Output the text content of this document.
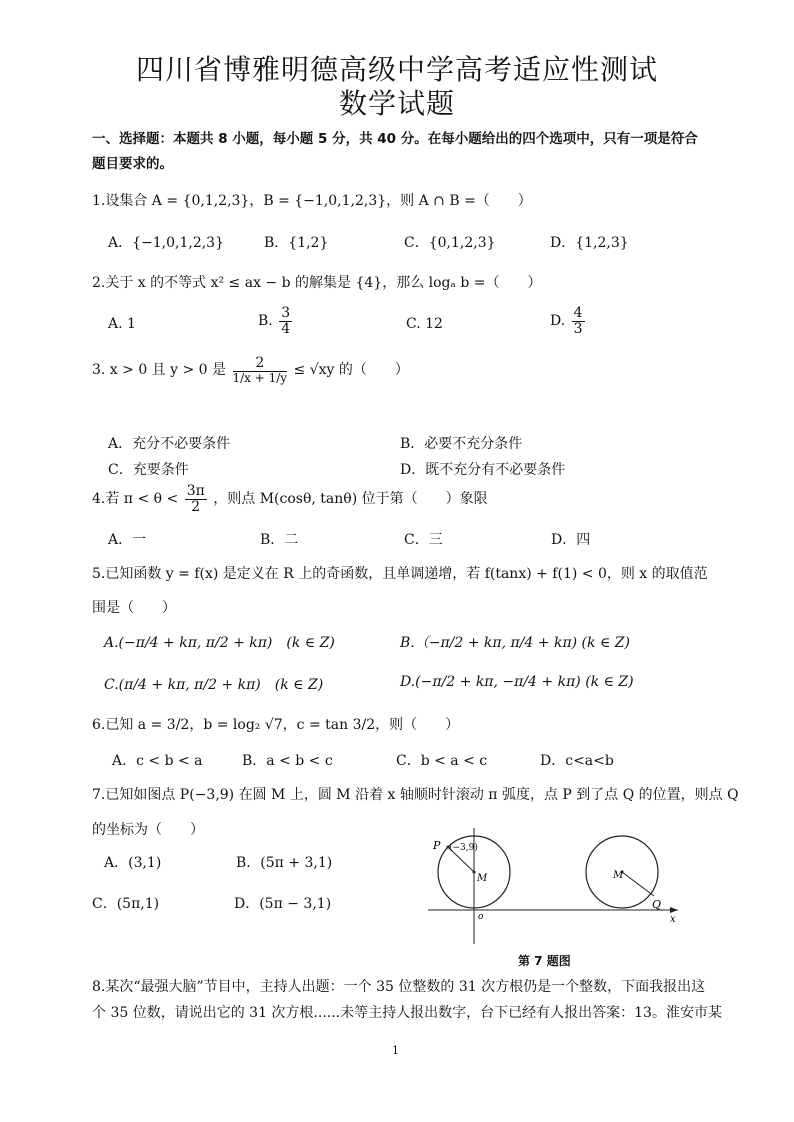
四川省博雅明德高级中学高考适应性测试
数学试题
一、选择题：本题共 8 小题，每小题 5 分，共 40 分。在每小题给出的四个选项中，只有一项是符合
题目要求的。
1.设集合 A = {0,1,2,3}，B = {−1,0,1,2,3}，则 A ∩ B =（　　）
A．{−1,0,1,2,3}	B．{1,2}	C．{0,1,2,3}	D．{1,2,3}
2.关于 x 的不等式 x² ≤ ax − b 的解集是 {4}，那么 logₐ b =（　　）
A. 1	B. $\frac{3}{4}$	C. 12	D. $\frac{4}{3}$
3. x > 0 且 y > 0 是 $\frac{2}{1/x + 1/y} \le √xy$ 的（　　）
A．充分不必要条件	B．必要不充分条件
C．充要条件	D．既不充分有不必要条件
4.若 $\pi < \theta < \frac{3\pi}{2}$ ，则点 M(cosθ, tanθ) 位于第（　　）象限
A．一	B．二	C．三	D．四
5.已知函数 y = f(x) 是定义在 R 上的奇函数，且单调递增，若 f(tanx) + f(1) < 0，则 x 的取值范
围是（　　）
A.(−π/4 + kπ, π/2 + kπ)　(k ∈ Z)	B.（−π/2 + kπ, π/4 + kπ) (k ∈ Z)
C.(π/4 + kπ, π/2 + kπ)　(k ∈ Z)	D.(−π/2 + kπ, −π/4 + kπ) (k ∈ Z)
6.已知 a = 3/2，b = log₂ √7，c = tan 3/2，则（　　）
A．c < b < a	B．a < b < c	C．b < a < c	D．c<a<b
7.已知如图点 P(−3,9) 在圆 M 上，圆 M 沿着 x 轴顺时针滚动 π 弧度，点 P 到了点 Q 的位置，则点 Q
的坐标为（　　）
A．(3,1)	B．(5π + 3,1)
C．(5π,1)	D．(5π − 3,1)
P (−3,9)
M
o
M
Q
x
第 7 题图
8.某次“最强大脑”节目中，主持人出题：一个 35 位整数的 31 次方根仍是一个整数，下面我报出这
个 35 位数，请说出它的 31 次方根......未等主持人报出数字，台下已经有人报出答案：13。淮安市某
1
